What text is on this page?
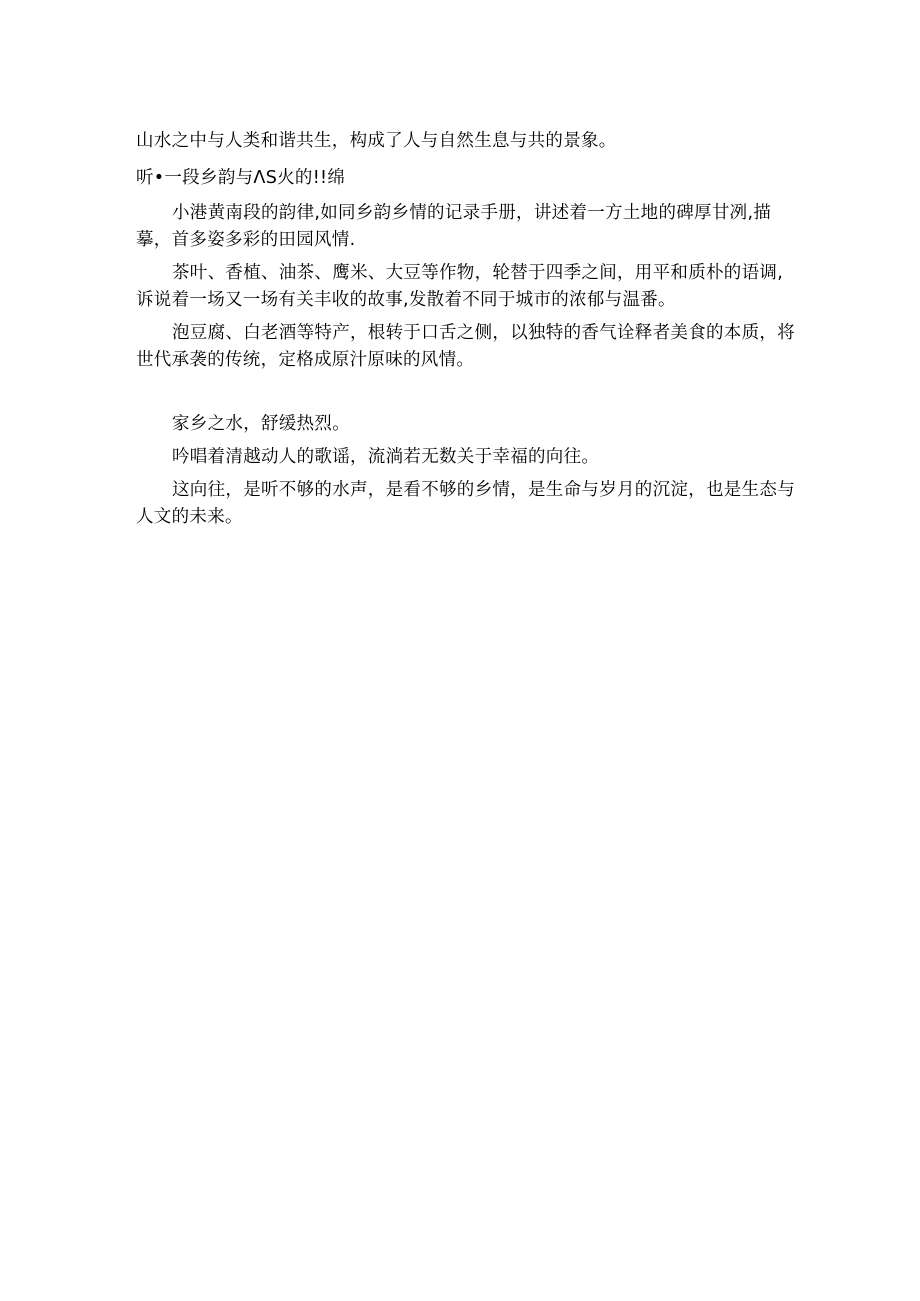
山水之中与人类和谐共生，构成了人与自然生息与共的景象。

听•一段乡韵与ΛS火的!!绵

小港黄南段的韵律,如同乡韵乡情的记录手册，讲述着一方土地的碑厚甘冽,描摹，首多姿多彩的田园风情.

茶叶、香植、油茶、鹰米、大豆等作物，轮替于四季之间，用平和质朴的语调,诉说着一场又一场有关丰收的故事,发散着不同于城市的浓郁与温番。

泡豆腐、白老酒等特产，根转于口舌之侧，以独特的香气诠释者美食的本质，将世代承袭的传统，定格成原汁原味的风情。

家乡之水，舒缓热烈。

吟唱着清越动人的歌谣，流淌若无数关于幸福的向往。

这向往，是听不够的水声，是看不够的乡情，是生命与岁月的沉淀，也是生态与人文的未来。
